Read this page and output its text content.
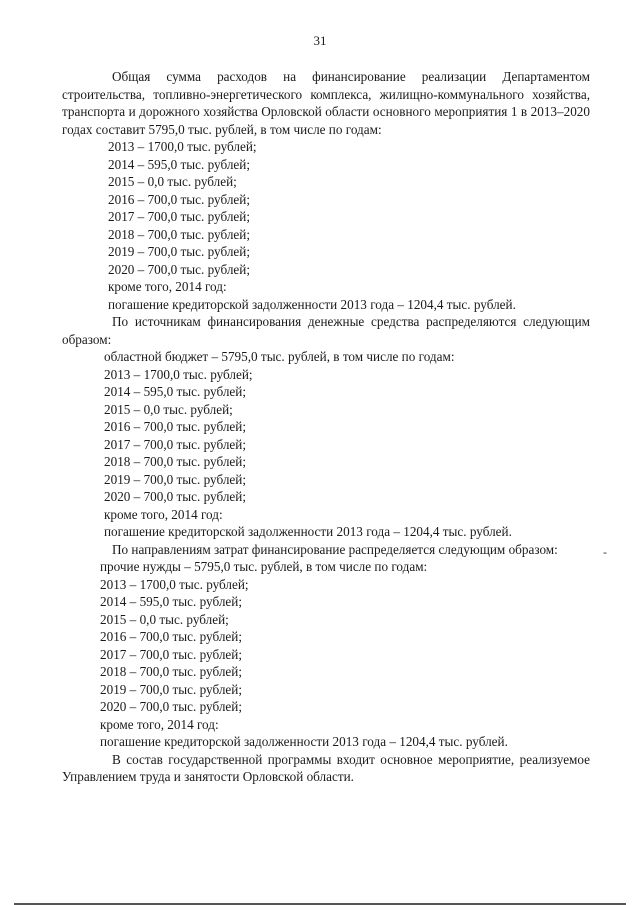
31

Общая сумма расходов на финансирование реализации Департаментом строительства, топливно-энергетического комплекса, жилищно-коммунального хозяйства, транспорта и дорожного хозяйства Орловской области основного мероприятия 1 в 2013–2020 годах составит 5795,0 тыс. рублей, в том числе по годам:

2013 – 1700,0 тыс. рублей;

2014 – 595,0 тыс. рублей;

2015 – 0,0 тыс. рублей;

2016 – 700,0 тыс. рублей;

2017 – 700,0 тыс. рублей;

2018 – 700,0 тыс. рублей;

2019 – 700,0 тыс. рублей;

2020 – 700,0 тыс. рублей;

кроме того, 2014 год:

погашение кредиторской задолженности 2013 года – 1204,4 тыс. рублей.

По источникам финансирования денежные средства распределяются следующим образом:

областной бюджет – 5795,0 тыс. рублей, в том числе по годам:

2013 – 1700,0 тыс. рублей;

2014 – 595,0 тыс. рублей;

2015 – 0,0 тыс. рублей;

2016 – 700,0 тыс. рублей;

2017 – 700,0 тыс. рублей;

2018 – 700,0 тыс. рублей;

2019 – 700,0 тыс. рублей;

2020 – 700,0 тыс. рублей;

кроме того, 2014 год:

погашение кредиторской задолженности 2013 года – 1204,4 тыс. рублей.

По направлениям затрат финансирование распределяется следующим образом:

прочие нужды – 5795,0 тыс. рублей, в том числе по годам:

2013 – 1700,0 тыс. рублей;

2014 – 595,0 тыс. рублей;

2015 – 0,0 тыс. рублей;

2016 – 700,0 тыс. рублей;

2017 – 700,0 тыс. рублей;

2018 – 700,0 тыс. рублей;

2019 – 700,0 тыс. рублей;

2020 – 700,0 тыс. рублей;

кроме того, 2014 год:

погашение кредиторской задолженности 2013 года – 1204,4 тыс. рублей.

В состав государственной программы входит основное мероприятие, реализуемое Управлением труда и занятости Орловской области.

-
